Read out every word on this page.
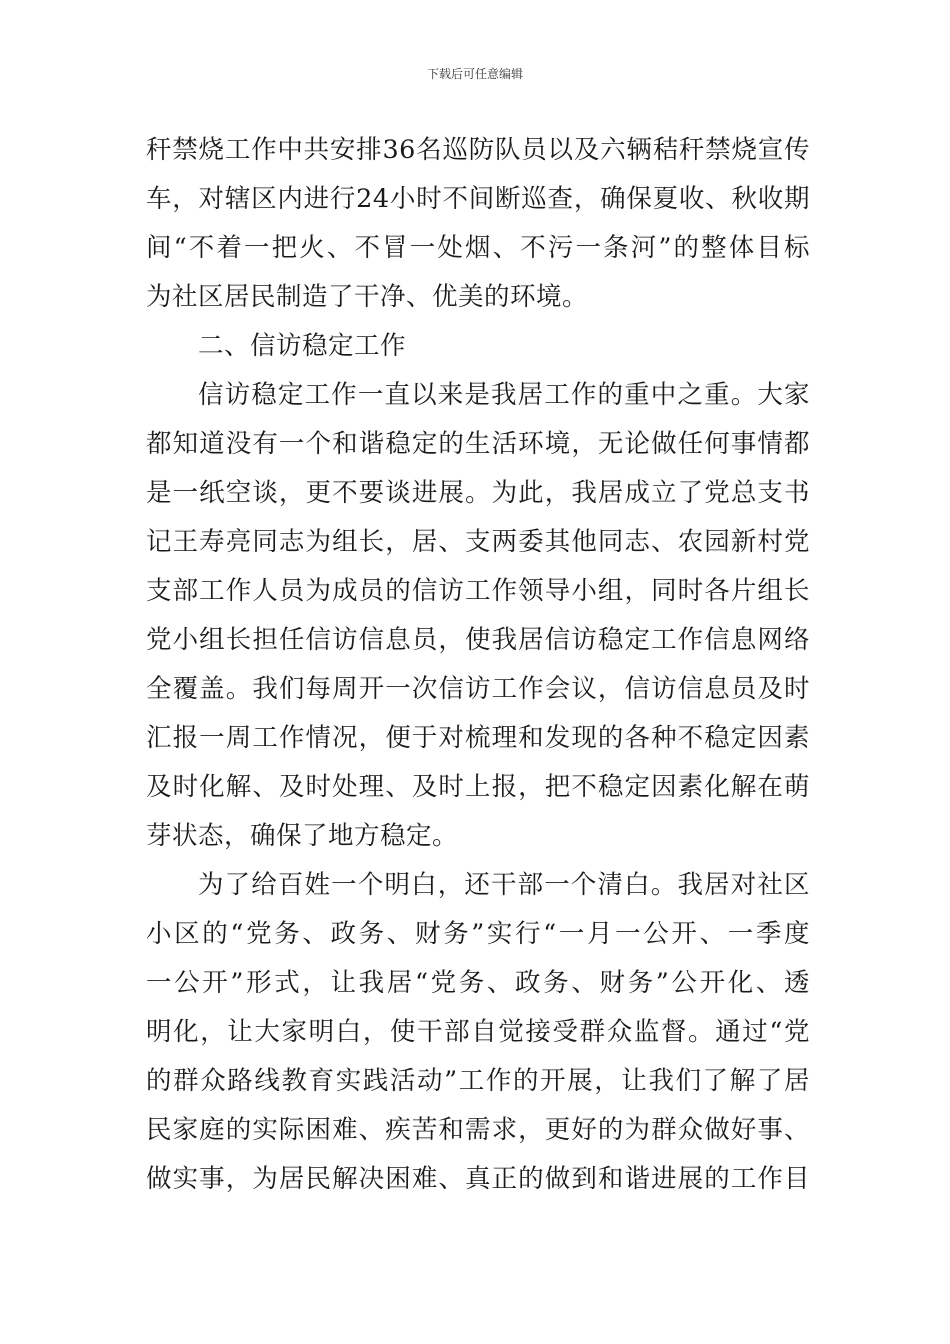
下载后可任意编辑
秆禁烧工作中共安排36名巡防队员以及六辆秸秆禁烧宣传
车，对辖区内进行24小时不间断巡查，确保夏收、秋收期
间“不着一把火、不冒一处烟、不污一条河”的整体目标
为社区居民制造了干净、优美的环境。
二、信访稳定工作
信访稳定工作一直以来是我居工作的重中之重。大家
都知道没有一个和谐稳定的生活环境，无论做任何事情都
是一纸空谈，更不要谈进展。为此，我居成立了党总支书
记王寿亮同志为组长，居、支两委其他同志、农园新村党
支部工作人员为成员的信访工作领导小组，同时各片组长
党小组长担任信访信息员，使我居信访稳定工作信息网络
全覆盖。我们每周开一次信访工作会议，信访信息员及时
汇报一周工作情况，便于对梳理和发现的各种不稳定因素
及时化解、及时处理、及时上报，把不稳定因素化解在萌
芽状态，确保了地方稳定。
为了给百姓一个明白，还干部一个清白。我居对社区
小区的“党务、政务、财务”实行“一月一公开、一季度
一公开”形式，让我居“党务、政务、财务”公开化、透
明化，让大家明白，使干部自觉接受群众监督。通过“党
的群众路线教育实践活动”工作的开展，让我们了解了居
民家庭的实际困难、疾苦和需求，更好的为群众做好事、
做实事，为居民解决困难、真正的做到和谐进展的工作目
